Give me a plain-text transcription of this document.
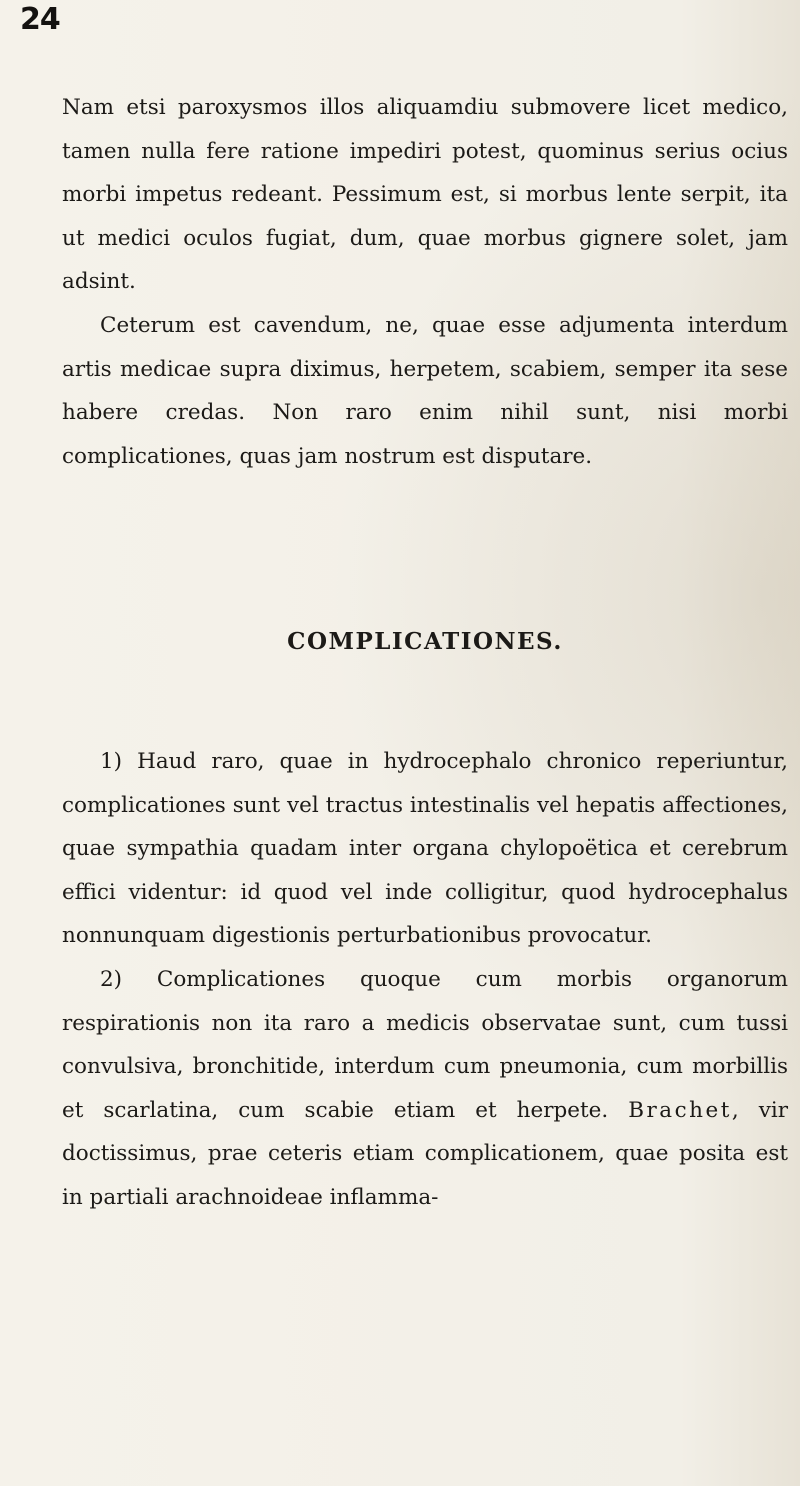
24

Nam etsi paroxysmos illos aliquamdiu submovere licet medico, tamen nulla fere ratione impediri potest, quominus serius ocius morbi impetus redeant. Pessimum est, si morbus lente serpit, ita ut medici oculos fugiat, dum, quae morbus gignere solet, jam adsint.

Ceterum est cavendum, ne, quae esse adjumenta interdum artis medicae supra diximus, herpetem, scabiem, semper ita sese habere credas. Non raro enim nihil sunt, nisi morbi complicationes, quas jam nostrum est disputare.

COMPLICATIONES.

1) Haud raro, quae in hydrocephalo chronico reperiuntur, complicationes sunt vel tractus intestinalis vel hepatis affectiones, quae sympathia quadam inter organa chylopoëtica et cerebrum effici videntur: id quod vel inde colligitur, quod hydrocephalus nonnunquam digestionis perturbationibus provocatur.

2) Complicationes quoque cum morbis organorum respirationis non ita raro a medicis observatae sunt, cum tussi convulsiva, bronchitide, interdum cum pneumonia, cum morbillis et scarlatina, cum scabie etiam et herpete. Brachet, vir doctissimus, prae ceteris etiam complicationem, quae posita est in partiali arachnoideae inflamma-
